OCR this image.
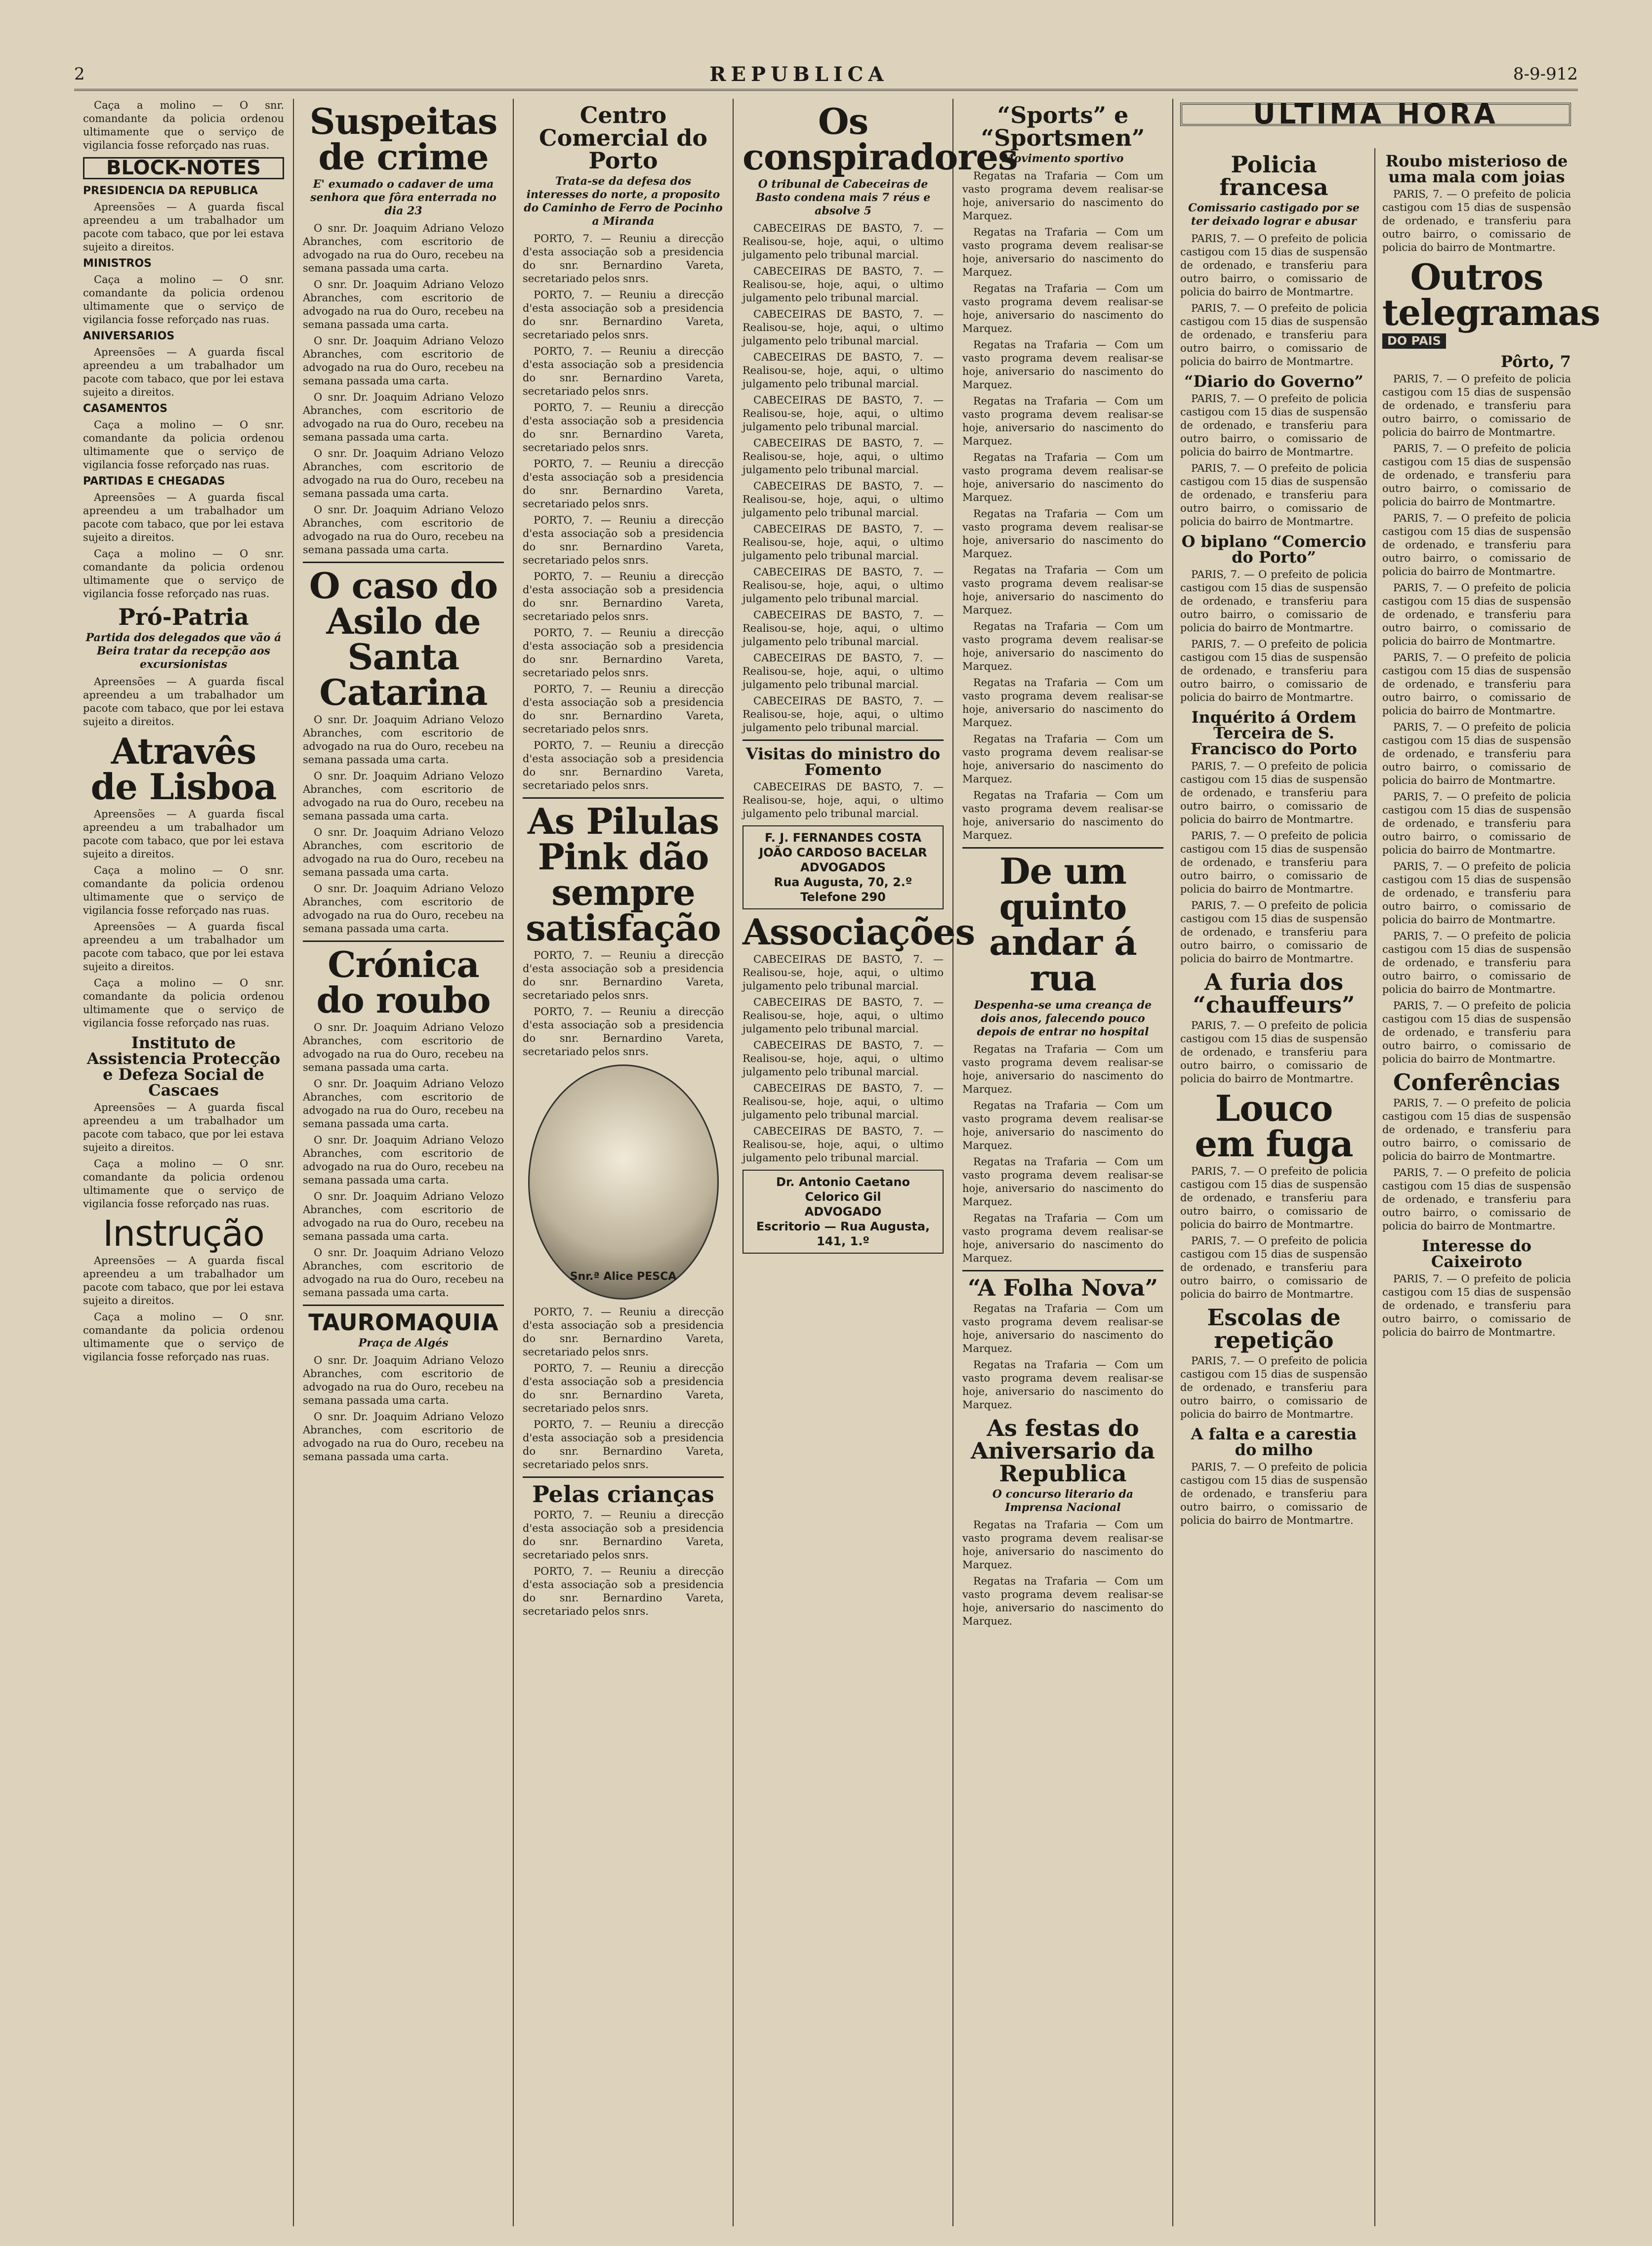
2	REPUBLICA	8-9-912

Caça a molino — O snr. comandante da policia ordenou ultimamente que o serviço de vigilancia fosse reforçado nas ruas.

BLOCK-NOTES
PRESIDENCIA DA REPUBLICA

Apreensões — A guarda fiscal apreendeu a um trabalhador um pacote com tabaco, que por lei estava sujeito a direitos.

MINISTROS

Caça a molino — O snr. comandante da policia ordenou ultimamente que o serviço de vigilancia fosse reforçado nas ruas.

ANIVERSARIOS

Apreensões — A guarda fiscal apreendeu a um trabalhador um pacote com tabaco, que por lei estava sujeito a direitos.

CASAMENTOS

Caça a molino — O snr. comandante da policia ordenou ultimamente que o serviço de vigilancia fosse reforçado nas ruas.

PARTIDAS E CHEGADAS

Apreensões — A guarda fiscal apreendeu a um trabalhador um pacote com tabaco, que por lei estava sujeito a direitos.

Caça a molino — O snr. comandante da policia ordenou ultimamente que o serviço de vigilancia fosse reforçado nas ruas.

Pró-Patria
Partida dos delegados que vão á Beira tratar da recepção aos excursionistas

Apreensões — A guarda fiscal apreendeu a um trabalhador um pacote com tabaco, que por lei estava sujeito a direitos.

Atravês de Lisboa

Apreensões — A guarda fiscal apreendeu a um trabalhador um pacote com tabaco, que por lei estava sujeito a direitos.

Caça a molino — O snr. comandante da policia ordenou ultimamente que o serviço de vigilancia fosse reforçado nas ruas.

Apreensões — A guarda fiscal apreendeu a um trabalhador um pacote com tabaco, que por lei estava sujeito a direitos.

Caça a molino — O snr. comandante da policia ordenou ultimamente que o serviço de vigilancia fosse reforçado nas ruas.

Instituto de Assistencia Protecção e Defeza Social de Cascaes

Apreensões — A guarda fiscal apreendeu a um trabalhador um pacote com tabaco, que por lei estava sujeito a direitos.

Caça a molino — O snr. comandante da policia ordenou ultimamente que o serviço de vigilancia fosse reforçado nas ruas.

Instrução

Apreensões — A guarda fiscal apreendeu a um trabalhador um pacote com tabaco, que por lei estava sujeito a direitos.

Caça a molino — O snr. comandante da policia ordenou ultimamente que o serviço de vigilancia fosse reforçado nas ruas.

Suspeitas de crime
E' exumado o cadaver de uma senhora que fôra enterrada no dia 23

O snr. Dr. Joaquim Adriano Velozo Abranches, com escritorio de advogado na rua do Ouro, recebeu na semana passada uma carta.

O snr. Dr. Joaquim Adriano Velozo Abranches, com escritorio de advogado na rua do Ouro, recebeu na semana passada uma carta.

O snr. Dr. Joaquim Adriano Velozo Abranches, com escritorio de advogado na rua do Ouro, recebeu na semana passada uma carta.

O snr. Dr. Joaquim Adriano Velozo Abranches, com escritorio de advogado na rua do Ouro, recebeu na semana passada uma carta.

O snr. Dr. Joaquim Adriano Velozo Abranches, com escritorio de advogado na rua do Ouro, recebeu na semana passada uma carta.

O snr. Dr. Joaquim Adriano Velozo Abranches, com escritorio de advogado na rua do Ouro, recebeu na semana passada uma carta.

O caso do Asilo de Santa Catarina

O snr. Dr. Joaquim Adriano Velozo Abranches, com escritorio de advogado na rua do Ouro, recebeu na semana passada uma carta.

O snr. Dr. Joaquim Adriano Velozo Abranches, com escritorio de advogado na rua do Ouro, recebeu na semana passada uma carta.

O snr. Dr. Joaquim Adriano Velozo Abranches, com escritorio de advogado na rua do Ouro, recebeu na semana passada uma carta.

O snr. Dr. Joaquim Adriano Velozo Abranches, com escritorio de advogado na rua do Ouro, recebeu na semana passada uma carta.

Crónica do roubo

O snr. Dr. Joaquim Adriano Velozo Abranches, com escritorio de advogado na rua do Ouro, recebeu na semana passada uma carta.

O snr. Dr. Joaquim Adriano Velozo Abranches, com escritorio de advogado na rua do Ouro, recebeu na semana passada uma carta.

O snr. Dr. Joaquim Adriano Velozo Abranches, com escritorio de advogado na rua do Ouro, recebeu na semana passada uma carta.

O snr. Dr. Joaquim Adriano Velozo Abranches, com escritorio de advogado na rua do Ouro, recebeu na semana passada uma carta.

O snr. Dr. Joaquim Adriano Velozo Abranches, com escritorio de advogado na rua do Ouro, recebeu na semana passada uma carta.

TAUROMAQUIA
Praça de Algés

O snr. Dr. Joaquim Adriano Velozo Abranches, com escritorio de advogado na rua do Ouro, recebeu na semana passada uma carta.

O snr. Dr. Joaquim Adriano Velozo Abranches, com escritorio de advogado na rua do Ouro, recebeu na semana passada uma carta.

Centro Comercial do Porto
Trata-se da defesa dos interesses do norte, a proposito do Caminho de Ferro de Pocinho a Miranda

PORTO, 7. — Reuniu a direcção d'esta associação sob a presidencia do snr. Bernardino Vareta, secretariado pelos snrs.

PORTO, 7. — Reuniu a direcção d'esta associação sob a presidencia do snr. Bernardino Vareta, secretariado pelos snrs.

PORTO, 7. — Reuniu a direcção d'esta associação sob a presidencia do snr. Bernardino Vareta, secretariado pelos snrs.

PORTO, 7. — Reuniu a direcção d'esta associação sob a presidencia do snr. Bernardino Vareta, secretariado pelos snrs.

PORTO, 7. — Reuniu a direcção d'esta associação sob a presidencia do snr. Bernardino Vareta, secretariado pelos snrs.

PORTO, 7. — Reuniu a direcção d'esta associação sob a presidencia do snr. Bernardino Vareta, secretariado pelos snrs.

PORTO, 7. — Reuniu a direcção d'esta associação sob a presidencia do snr. Bernardino Vareta, secretariado pelos snrs.

PORTO, 7. — Reuniu a direcção d'esta associação sob a presidencia do snr. Bernardino Vareta, secretariado pelos snrs.

PORTO, 7. — Reuniu a direcção d'esta associação sob a presidencia do snr. Bernardino Vareta, secretariado pelos snrs.

PORTO, 7. — Reuniu a direcção d'esta associação sob a presidencia do snr. Bernardino Vareta, secretariado pelos snrs.

As Pilulas Pink dão sempre satisfação

PORTO, 7. — Reuniu a direcção d'esta associação sob a presidencia do snr. Bernardino Vareta, secretariado pelos snrs.

PORTO, 7. — Reuniu a direcção d'esta associação sob a presidencia do snr. Bernardino Vareta, secretariado pelos snrs.

Snr.ª Alice PESCA

PORTO, 7. — Reuniu a direcção d'esta associação sob a presidencia do snr. Bernardino Vareta, secretariado pelos snrs.

PORTO, 7. — Reuniu a direcção d'esta associação sob a presidencia do snr. Bernardino Vareta, secretariado pelos snrs.

PORTO, 7. — Reuniu a direcção d'esta associação sob a presidencia do snr. Bernardino Vareta, secretariado pelos snrs.

Pelas crianças

PORTO, 7. — Reuniu a direcção d'esta associação sob a presidencia do snr. Bernardino Vareta, secretariado pelos snrs.

PORTO, 7. — Reuniu a direcção d'esta associação sob a presidencia do snr. Bernardino Vareta, secretariado pelos snrs.

Os conspiradores
O tribunal de Cabeceiras de Basto condena mais 7 réus e absolve 5

CABECEIRAS DE BASTO, 7. — Realisou-se, hoje, aqui, o ultimo julgamento pelo tribunal marcial.

CABECEIRAS DE BASTO, 7. — Realisou-se, hoje, aqui, o ultimo julgamento pelo tribunal marcial.

CABECEIRAS DE BASTO, 7. — Realisou-se, hoje, aqui, o ultimo julgamento pelo tribunal marcial.

CABECEIRAS DE BASTO, 7. — Realisou-se, hoje, aqui, o ultimo julgamento pelo tribunal marcial.

CABECEIRAS DE BASTO, 7. — Realisou-se, hoje, aqui, o ultimo julgamento pelo tribunal marcial.

CABECEIRAS DE BASTO, 7. — Realisou-se, hoje, aqui, o ultimo julgamento pelo tribunal marcial.

CABECEIRAS DE BASTO, 7. — Realisou-se, hoje, aqui, o ultimo julgamento pelo tribunal marcial.

CABECEIRAS DE BASTO, 7. — Realisou-se, hoje, aqui, o ultimo julgamento pelo tribunal marcial.

CABECEIRAS DE BASTO, 7. — Realisou-se, hoje, aqui, o ultimo julgamento pelo tribunal marcial.

CABECEIRAS DE BASTO, 7. — Realisou-se, hoje, aqui, o ultimo julgamento pelo tribunal marcial.

CABECEIRAS DE BASTO, 7. — Realisou-se, hoje, aqui, o ultimo julgamento pelo tribunal marcial.

CABECEIRAS DE BASTO, 7. — Realisou-se, hoje, aqui, o ultimo julgamento pelo tribunal marcial.

Visitas do ministro do Fomento

CABECEIRAS DE BASTO, 7. — Realisou-se, hoje, aqui, o ultimo julgamento pelo tribunal marcial.

F. J. FERNANDES COSTA
JOÃO CARDOSO BACELAR
ADVOGADOS
Rua Augusta, 70, 2.º
Telefone 290
Associações

CABECEIRAS DE BASTO, 7. — Realisou-se, hoje, aqui, o ultimo julgamento pelo tribunal marcial.

CABECEIRAS DE BASTO, 7. — Realisou-se, hoje, aqui, o ultimo julgamento pelo tribunal marcial.

CABECEIRAS DE BASTO, 7. — Realisou-se, hoje, aqui, o ultimo julgamento pelo tribunal marcial.

CABECEIRAS DE BASTO, 7. — Realisou-se, hoje, aqui, o ultimo julgamento pelo tribunal marcial.

CABECEIRAS DE BASTO, 7. — Realisou-se, hoje, aqui, o ultimo julgamento pelo tribunal marcial.

Dr. Antonio Caetano Celorico Gil
ADVOGADO
Escritorio — Rua Augusta, 141, 1.º
“Sports” e “Sportsmen”
Movimento sportivo

Regatas na Trafaria — Com um vasto programa devem realisar-se hoje, aniversario do nascimento do Marquez.

Regatas na Trafaria — Com um vasto programa devem realisar-se hoje, aniversario do nascimento do Marquez.

Regatas na Trafaria — Com um vasto programa devem realisar-se hoje, aniversario do nascimento do Marquez.

Regatas na Trafaria — Com um vasto programa devem realisar-se hoje, aniversario do nascimento do Marquez.

Regatas na Trafaria — Com um vasto programa devem realisar-se hoje, aniversario do nascimento do Marquez.

Regatas na Trafaria — Com um vasto programa devem realisar-se hoje, aniversario do nascimento do Marquez.

Regatas na Trafaria — Com um vasto programa devem realisar-se hoje, aniversario do nascimento do Marquez.

Regatas na Trafaria — Com um vasto programa devem realisar-se hoje, aniversario do nascimento do Marquez.

Regatas na Trafaria — Com um vasto programa devem realisar-se hoje, aniversario do nascimento do Marquez.

Regatas na Trafaria — Com um vasto programa devem realisar-se hoje, aniversario do nascimento do Marquez.

Regatas na Trafaria — Com um vasto programa devem realisar-se hoje, aniversario do nascimento do Marquez.

Regatas na Trafaria — Com um vasto programa devem realisar-se hoje, aniversario do nascimento do Marquez.

De um quinto andar á rua
Despenha-se uma creança de dois anos, falecendo pouco depois de entrar no hospital

Regatas na Trafaria — Com um vasto programa devem realisar-se hoje, aniversario do nascimento do Marquez.

Regatas na Trafaria — Com um vasto programa devem realisar-se hoje, aniversario do nascimento do Marquez.

Regatas na Trafaria — Com um vasto programa devem realisar-se hoje, aniversario do nascimento do Marquez.

Regatas na Trafaria — Com um vasto programa devem realisar-se hoje, aniversario do nascimento do Marquez.

“A Folha Nova”

Regatas na Trafaria — Com um vasto programa devem realisar-se hoje, aniversario do nascimento do Marquez.

Regatas na Trafaria — Com um vasto programa devem realisar-se hoje, aniversario do nascimento do Marquez.

As festas do Aniversario da Republica
O concurso literario da Imprensa Nacional

Regatas na Trafaria — Com um vasto programa devem realisar-se hoje, aniversario do nascimento do Marquez.

Regatas na Trafaria — Com um vasto programa devem realisar-se hoje, aniversario do nascimento do Marquez.

ULTIMA HORA
Policia francesa
Comissario castigado por se ter deixado lograr e abusar

PARIS, 7. — O prefeito de policia castigou com 15 dias de suspensão de ordenado, e transferiu para outro bairro, o comissario de policia do bairro de Montmartre.

PARIS, 7. — O prefeito de policia castigou com 15 dias de suspensão de ordenado, e transferiu para outro bairro, o comissario de policia do bairro de Montmartre.

“Diario do Governo”

PARIS, 7. — O prefeito de policia castigou com 15 dias de suspensão de ordenado, e transferiu para outro bairro, o comissario de policia do bairro de Montmartre.

PARIS, 7. — O prefeito de policia castigou com 15 dias de suspensão de ordenado, e transferiu para outro bairro, o comissario de policia do bairro de Montmartre.

O biplano “Comercio do Porto”

PARIS, 7. — O prefeito de policia castigou com 15 dias de suspensão de ordenado, e transferiu para outro bairro, o comissario de policia do bairro de Montmartre.

PARIS, 7. — O prefeito de policia castigou com 15 dias de suspensão de ordenado, e transferiu para outro bairro, o comissario de policia do bairro de Montmartre.

Inquérito á Ordem Terceira de S. Francisco do Porto

PARIS, 7. — O prefeito de policia castigou com 15 dias de suspensão de ordenado, e transferiu para outro bairro, o comissario de policia do bairro de Montmartre.

PARIS, 7. — O prefeito de policia castigou com 15 dias de suspensão de ordenado, e transferiu para outro bairro, o comissario de policia do bairro de Montmartre.

PARIS, 7. — O prefeito de policia castigou com 15 dias de suspensão de ordenado, e transferiu para outro bairro, o comissario de policia do bairro de Montmartre.

A furia dos “chauffeurs”

PARIS, 7. — O prefeito de policia castigou com 15 dias de suspensão de ordenado, e transferiu para outro bairro, o comissario de policia do bairro de Montmartre.

Louco em fuga

PARIS, 7. — O prefeito de policia castigou com 15 dias de suspensão de ordenado, e transferiu para outro bairro, o comissario de policia do bairro de Montmartre.

PARIS, 7. — O prefeito de policia castigou com 15 dias de suspensão de ordenado, e transferiu para outro bairro, o comissario de policia do bairro de Montmartre.

Escolas de repetição

PARIS, 7. — O prefeito de policia castigou com 15 dias de suspensão de ordenado, e transferiu para outro bairro, o comissario de policia do bairro de Montmartre.

A falta e a carestia do milho

PARIS, 7. — O prefeito de policia castigou com 15 dias de suspensão de ordenado, e transferiu para outro bairro, o comissario de policia do bairro de Montmartre.

Roubo misterioso de uma mala com joias

PARIS, 7. — O prefeito de policia castigou com 15 dias de suspensão de ordenado, e transferiu para outro bairro, o comissario de policia do bairro de Montmartre.

Outros telegramas
DO PAIS
Pôrto, 7

PARIS, 7. — O prefeito de policia castigou com 15 dias de suspensão de ordenado, e transferiu para outro bairro, o comissario de policia do bairro de Montmartre.

PARIS, 7. — O prefeito de policia castigou com 15 dias de suspensão de ordenado, e transferiu para outro bairro, o comissario de policia do bairro de Montmartre.

PARIS, 7. — O prefeito de policia castigou com 15 dias de suspensão de ordenado, e transferiu para outro bairro, o comissario de policia do bairro de Montmartre.

PARIS, 7. — O prefeito de policia castigou com 15 dias de suspensão de ordenado, e transferiu para outro bairro, o comissario de policia do bairro de Montmartre.

PARIS, 7. — O prefeito de policia castigou com 15 dias de suspensão de ordenado, e transferiu para outro bairro, o comissario de policia do bairro de Montmartre.

PARIS, 7. — O prefeito de policia castigou com 15 dias de suspensão de ordenado, e transferiu para outro bairro, o comissario de policia do bairro de Montmartre.

PARIS, 7. — O prefeito de policia castigou com 15 dias de suspensão de ordenado, e transferiu para outro bairro, o comissario de policia do bairro de Montmartre.

PARIS, 7. — O prefeito de policia castigou com 15 dias de suspensão de ordenado, e transferiu para outro bairro, o comissario de policia do bairro de Montmartre.

PARIS, 7. — O prefeito de policia castigou com 15 dias de suspensão de ordenado, e transferiu para outro bairro, o comissario de policia do bairro de Montmartre.

PARIS, 7. — O prefeito de policia castigou com 15 dias de suspensão de ordenado, e transferiu para outro bairro, o comissario de policia do bairro de Montmartre.

Conferências

PARIS, 7. — O prefeito de policia castigou com 15 dias de suspensão de ordenado, e transferiu para outro bairro, o comissario de policia do bairro de Montmartre.

PARIS, 7. — O prefeito de policia castigou com 15 dias de suspensão de ordenado, e transferiu para outro bairro, o comissario de policia do bairro de Montmartre.

Interesse do Caixeiroto

PARIS, 7. — O prefeito de policia castigou com 15 dias de suspensão de ordenado, e transferiu para outro bairro, o comissario de policia do bairro de Montmartre.
